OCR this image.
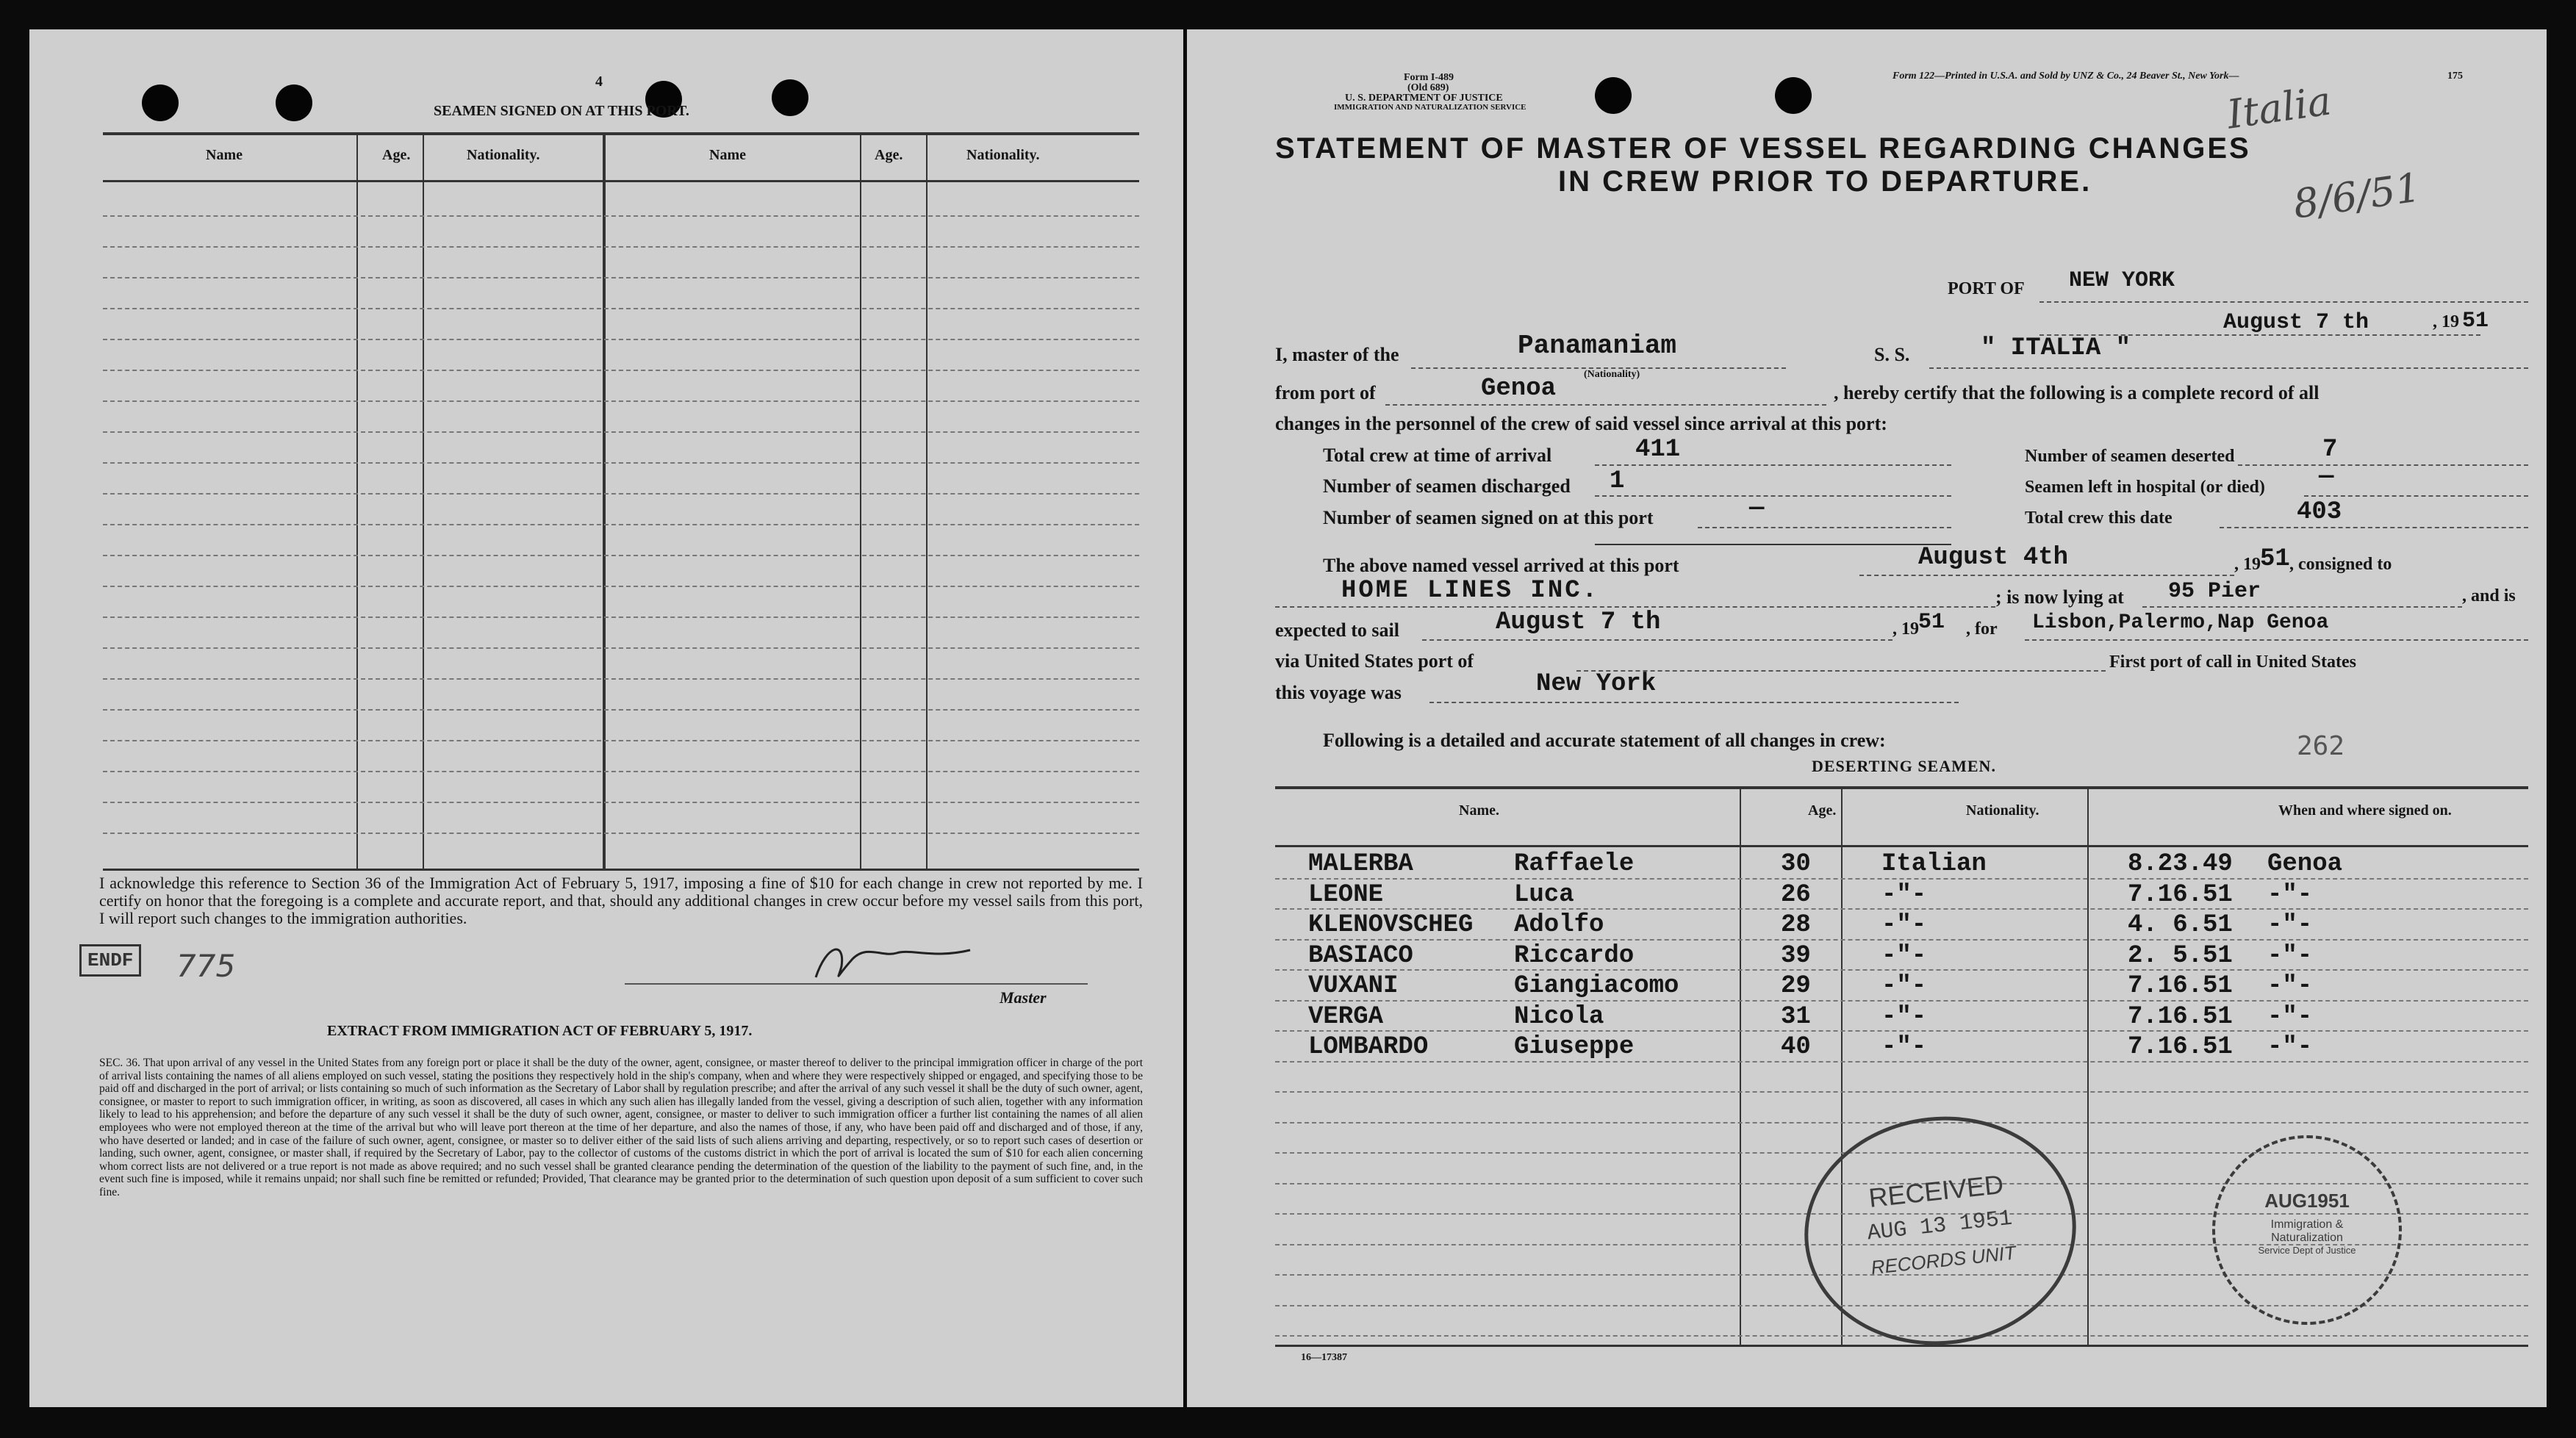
4
SEAMEN SIGNED ON AT THIS PORT.
Name	Age.	Nationality.	Name	Age.	Nationality.
I acknowledge this reference to Section 36 of the Immigration Act of February 5, 1917, imposing a fine of $10 for each change in crew not reported by me. I certify on honor that the foregoing is a complete and accurate report, and that, should any additional changes in crew occur before my vessel sails from this port, I will report such changes to the immigration authorities.
ENDF 775
Master
EXTRACT FROM IMMIGRATION ACT OF FEBRUARY 5, 1917.
SEC. 36. That upon arrival of any vessel in the United States from any foreign port or place it shall be the duty of the owner, agent, consignee, or master thereof to deliver to the principal immigration officer in charge of the port of arrival lists containing the names of all aliens employed on such vessel, stating the positions they respectively hold in the ship's company, when and where they were respectively shipped or engaged, and specifying those to be paid off and discharged in the port of arrival; or lists containing so much of such information as the Secretary of Labor shall by regulation prescribe; and after the arrival of any such vessel it shall be the duty of such owner, agent, consignee, or master to report to such immigration officer, in writing, as soon as discovered, all cases in which any such alien has illegally landed from the vessel, giving a description of such alien, together with any information likely to lead to his apprehension; and before the departure of any such vessel it shall be the duty of such owner, agent, consignee, or master to deliver to such immigration officer a further list containing the names of all alien employees who were not employed thereon at the time of the arrival but who will leave port thereon at the time of her departure, and also the names of those, if any, who have been paid off and discharged and of those, if any, who have deserted or landed; and in case of the failure of such owner, agent, consignee, or master so to deliver either of the said lists of such aliens arriving and departing, respectively, or so to report such cases of desertion or landing, such owner, agent, consignee, or master shall, if required by the Secretary of Labor, pay to the collector of customs of the customs district in which the port of arrival is located the sum of $10 for each alien concerning whom correct lists are not delivered or a true report is not made as above required; and no such vessel shall be granted clearance pending the determination of the question of the liability to the payment of such fine, and, in the event such fine is imposed, while it remains unpaid; nor shall such fine be remitted or refunded; Provided, That clearance may be granted prior to the determination of such question upon deposit of a sum sufficient to cover such fine.
Form I-489
(Old 689)
U. S. DEPARTMENT OF JUSTICE
IMMIGRATION AND NATURALIZATION SERVICE
Form 122—Printed in U.S.A. and Sold by UNZ & Co., 24 Beaver St., New York—	175
Italia
8/6/51
STATEMENT OF MASTER OF VESSEL REGARDING CHANGES
IN CREW PRIOR TO DEPARTURE.
PORT OF NEW YORK
August 7 th	, 19 51
I, master of the	Panamaniam
(Nationality)
S. S.	" ITALIA "
from port of	Genoa	, hereby certify that the following is a complete record of all
changes in the personnel of the crew of said vessel since arrival at this port:
Total crew at time of arrival	411	Number of seamen deserted	7
Number of seamen discharged 1	Seamen left in hospital (or died) —
Number of seamen signed on at this port	—	Total crew this date	403
The above named vessel arrived at this port	August 4th	, 19 51 , consigned to
HOME LINES INC.	; is now lying at 95 Pier	, and is
expected to sail	August 7 th	, 19 51 , for Lisbon,Palermo,Nap Genoa
via United States port of	First port of call in United States
this voyage was	New York
Following is a detailed and accurate statement of all changes in crew:
DESERTING SEAMEN.
262
Name.	Age.	Nationality.	When and where signed on.
MALERBA	Raffaele	30	Italian	8.23.49 Genoa
LEONE	Luca	26	-"-	7.16.51 -"-
KLENOVSCHEG Adolfo	28	-"-	4. 6.51 -"-
BASIACO	Riccardo	39	-"-	2. 5.51 -"-
VUXANI	Giangiacomo	29	-"-	7.16.51 -"-
VERGA	Nicola	31	-"-	7.16.51 -"-
LOMBARDO	Giuseppe	40	-"-	7.16.51 -"-
16—17387
RECEIVED
AUG 13 1951
RECORDS UNIT
AUG1951
Immigration &
Naturalization
Service Dept of Justice
